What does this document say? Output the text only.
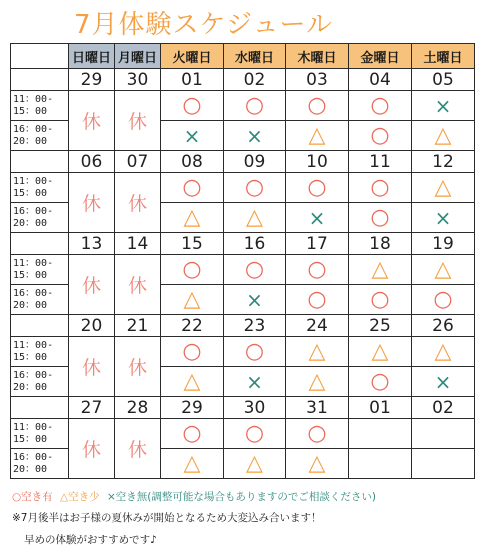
7月体験スケジュール
	日曜日	月曜日	火曜日	水曜日	木曜日	金曜日	土曜日
	29	30	01	02	03	04	05
11：00-
15：00	休	休	○	○	○	○	×
16：00-
20：00			×	×	△	○	△
	06	07	08	09	10	11	12
11：00-
15：00	休	休	○	○	○	○	△
16：00-
20：00			△	△	×	○	×
	13	14	15	16	17	18	19
11：00-
15：00	休	休	○	○	○	△	△
16：00-
20：00			△	×	○	○	○
	20	21	22	23	24	25	26
11：00-
15：00	休	休	○	○	△	△	△
16：00-
20：00			△	×	△	○	×
	27	28	29	30	31	01	02
11：00-
15：00	休	休	○	○	○		
16：00-
20：00			△	△	△		

○空き有 △空き少 ×空き無(調整可能な場合もありますのでご相談ください)

※7月後半はお子様の夏休みが開始となるため大変込み合います！

早めの体験がおすすめです♪
